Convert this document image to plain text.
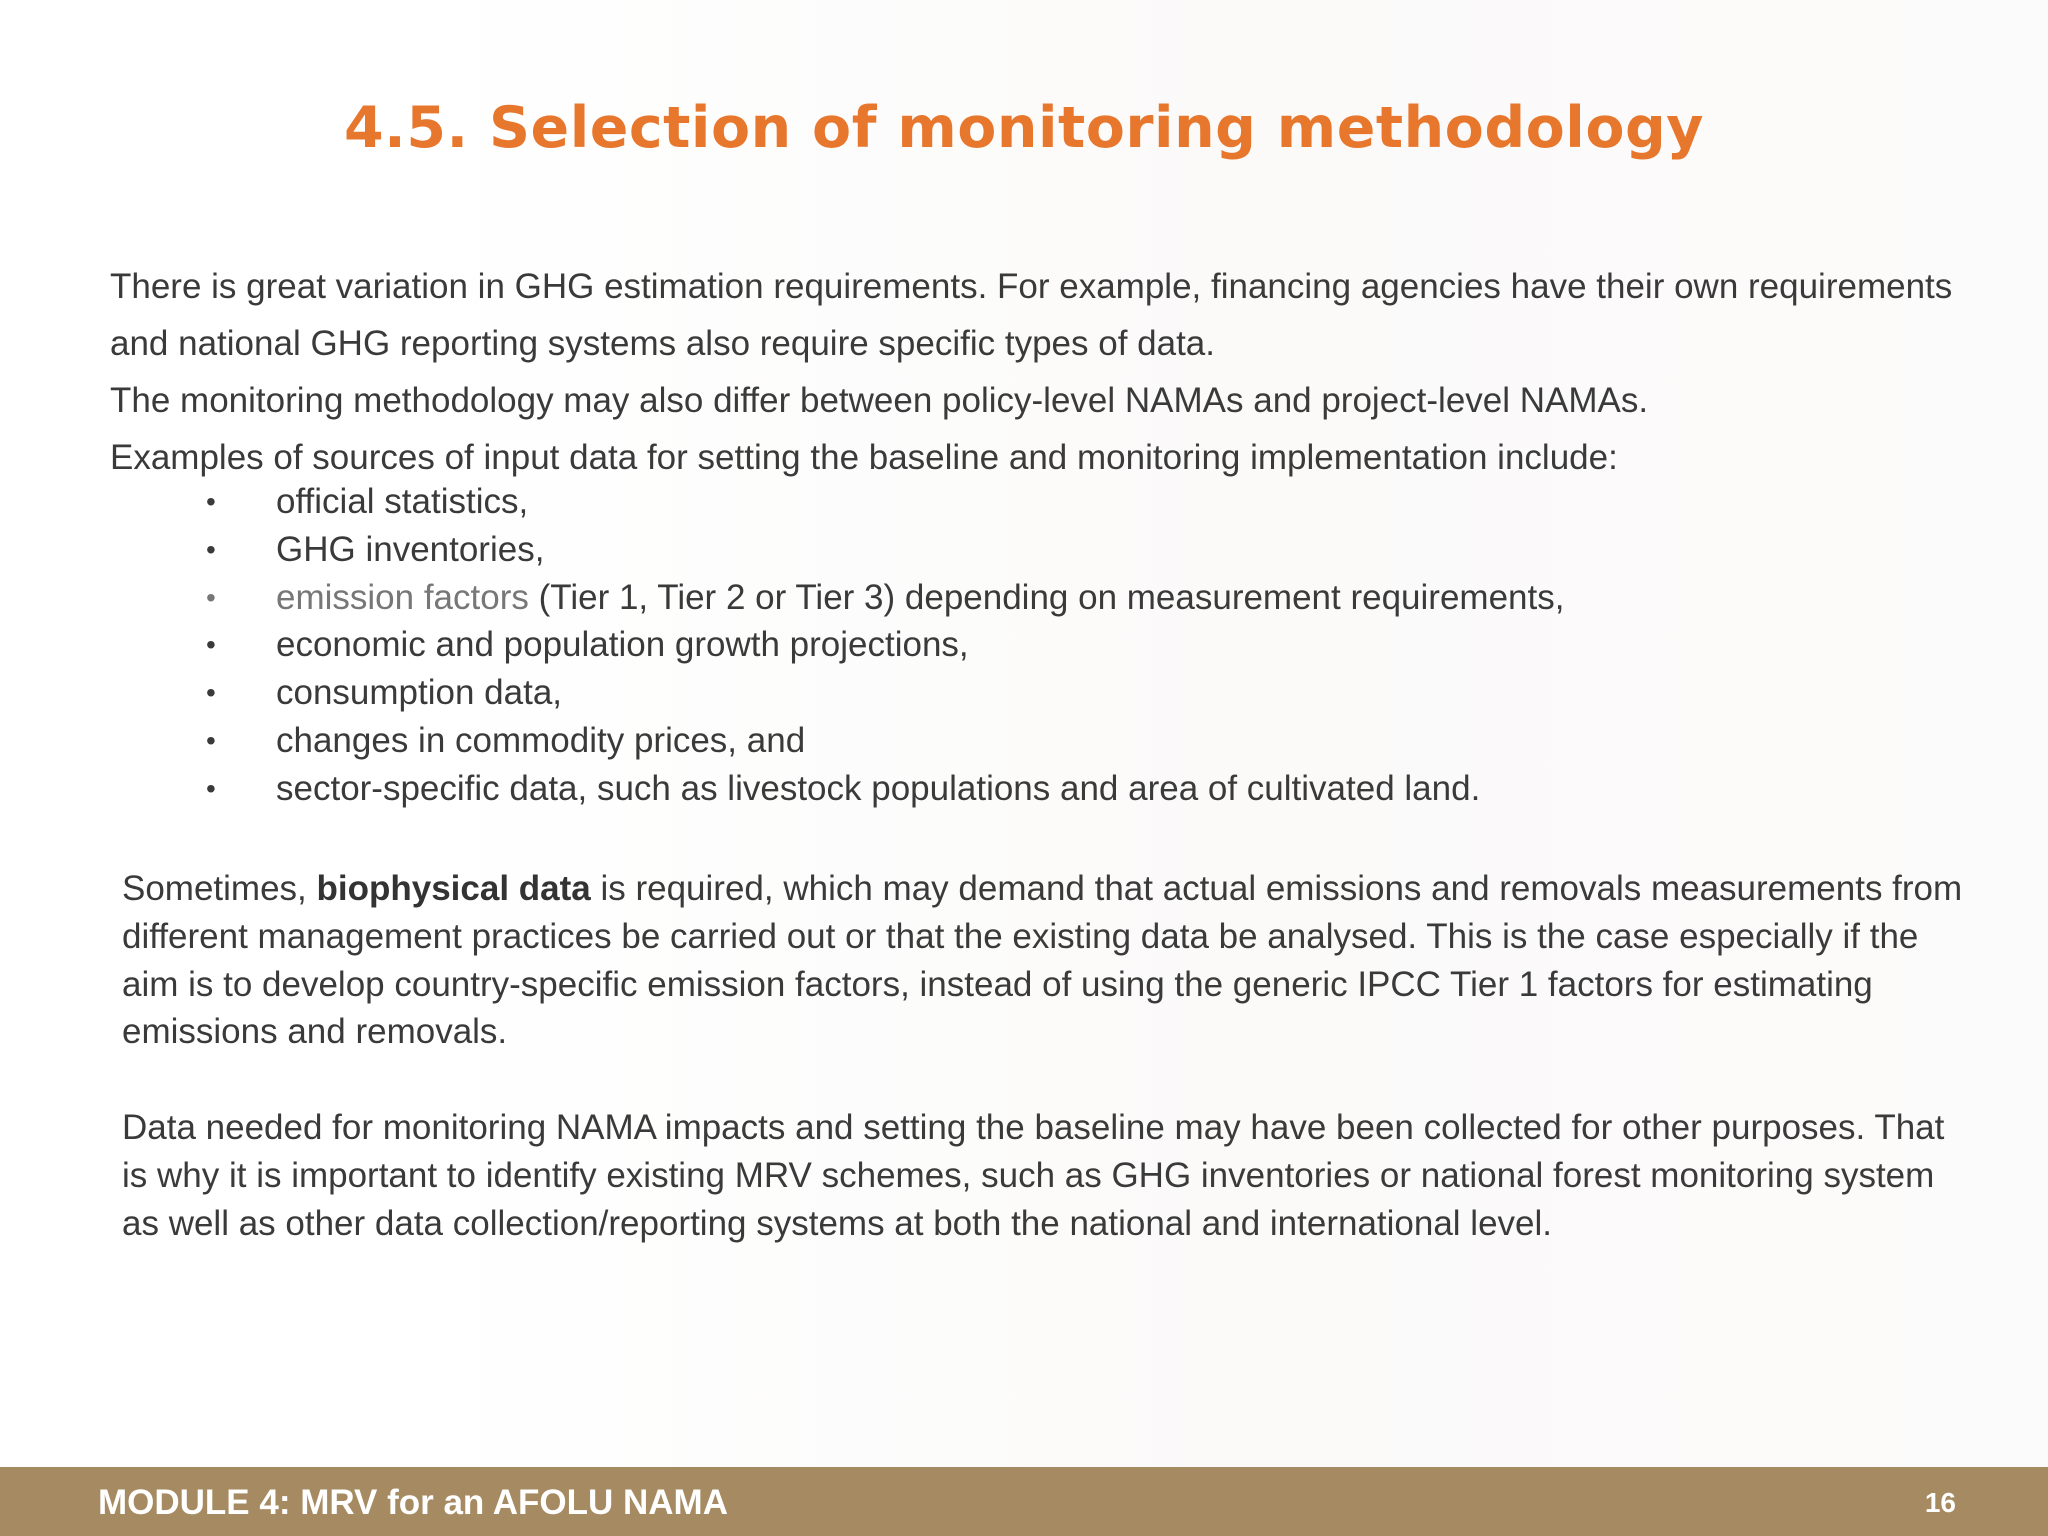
4.5. Selection of monitoring methodology

There is great variation in GHG estimation requirements. For example, financing agencies have their own requirements and national GHG reporting systems also require specific types of data.

The monitoring methodology may also differ between policy-level NAMAs and project-level NAMAs.

Examples of sources of input data for setting the baseline and monitoring implementation include:

• official statistics,
• GHG inventories,
• emission factors (Tier 1, Tier 2 or Tier 3) depending on measurement requirements,
• economic and population growth projections,
• consumption data,
• changes in commodity prices, and
• sector-specific data, such as livestock populations and area of cultivated land.

Sometimes, biophysical data is required, which may demand that actual emissions and removals measurements from different management practices be carried out or that the existing data be analysed. This is the case especially if the aim is to develop country-specific emission factors, instead of using the generic IPCC Tier 1 factors for estimating emissions and removals.

Data needed for monitoring NAMA impacts and setting the baseline may have been collected for other purposes. That is why it is important to identify existing MRV schemes, such as GHG inventories or national forest monitoring system as well as other data collection/reporting systems at both the national and international level.

MODULE 4: MRV for an AFOLU NAMA	16
